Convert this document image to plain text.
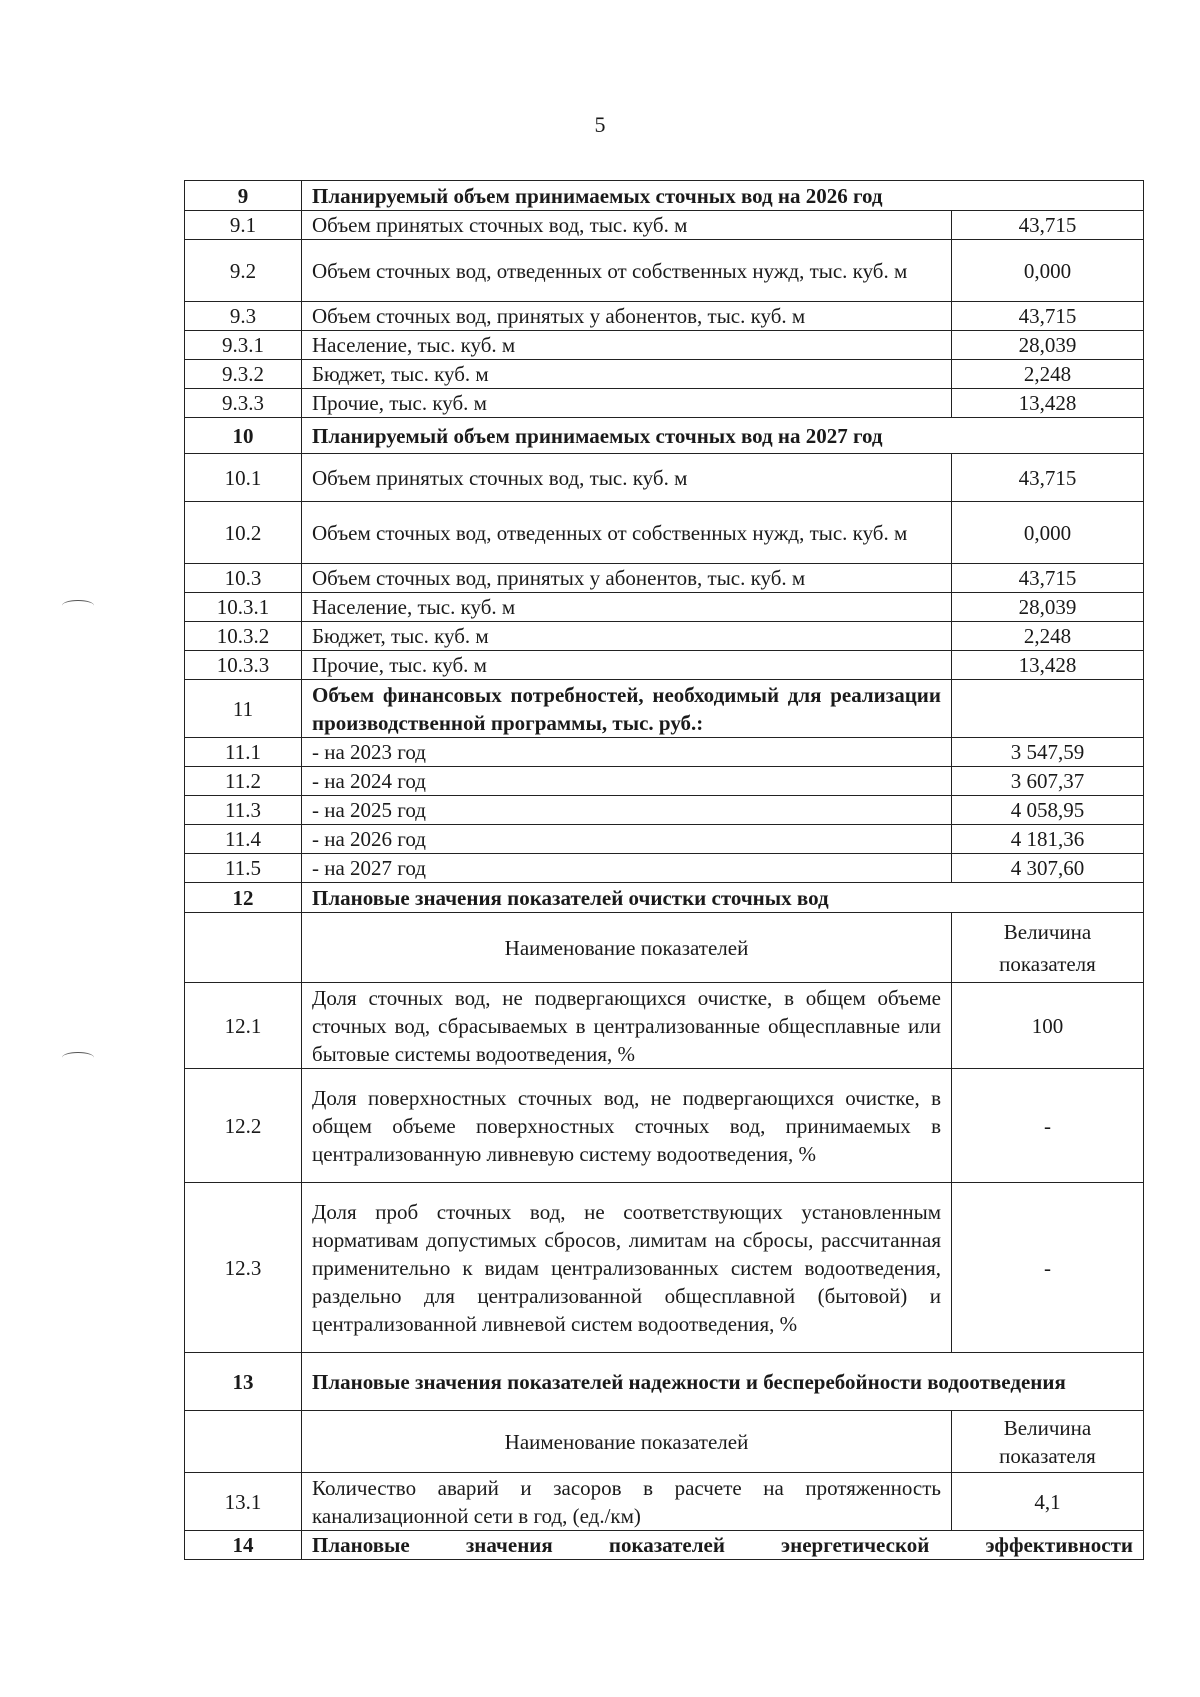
5
9	Планируемый объем принимаемых сточных вод на 2026 год	
9.1	Объем принятых сточных вод, тыс. куб. м	43,715
9.2	Объем сточных вод, отведенных от собственных нужд, тыс. куб. м	0,000
9.3	Объем сточных вод, принятых у абонентов, тыс. куб. м	43,715
9.3.1	Население, тыс. куб. м	28,039
9.3.2	Бюджет, тыс. куб. м	2,248
9.3.3	Прочие, тыс. куб. м	13,428
10	Планируемый объем принимаемых сточных вод на 2027 год	
10.1	Объем принятых сточных вод, тыс. куб. м	43,715
10.2	Объем сточных вод, отведенных от собственных нужд, тыс. куб. м	0,000
10.3	Объем сточных вод, принятых у абонентов, тыс. куб. м	43,715
10.3.1	Население, тыс. куб. м	28,039
10.3.2	Бюджет, тыс. куб. м	2,248
10.3.3	Прочие, тыс. куб. м	13,428
11	Объем финансовых потребностей, необходимый для реализации производственной программы, тыс. руб.:	
11.1	- на 2023 год	3 547,59
11.2	- на 2024 год	3 607,37
11.3	- на 2025 год	4 058,95
11.4	- на 2026 год	4 181,36
11.5	- на 2027 год	4 307,60
12	Плановые значения показателей очистки сточных вод	
	Наименование показателей	Величина показателя
12.1	Доля сточных вод, не подвергающихся очистке, в общем объеме сточных вод, сбрасываемых в централизованные общесплавные или бытовые системы водоотведения, %	100
12.2	Доля поверхностных сточных вод, не подвергающихся очистке, в общем объеме поверхностных сточных вод, принимаемых в централизованную ливневую систему водоотведения, %	-
12.3	Доля проб сточных вод, не соответствующих установленным нормативам допустимых сбросов, лимитам на сбросы, рассчитанная применительно к видам централизованных систем водоотведения, раздельно для централизованной общесплавной (бытовой) и централизованной ливневой систем водоотведения, %	-
13	Плановые значения показателей надежности и бесперебойности водоотведения	
	Наименование показателей	Величина показателя
13.1	Количество аварий и засоров в расчете на протяженность канализационной сети в год, (ед./км)	4,1
14	Плановые значения показателей энергетической эффективности	
